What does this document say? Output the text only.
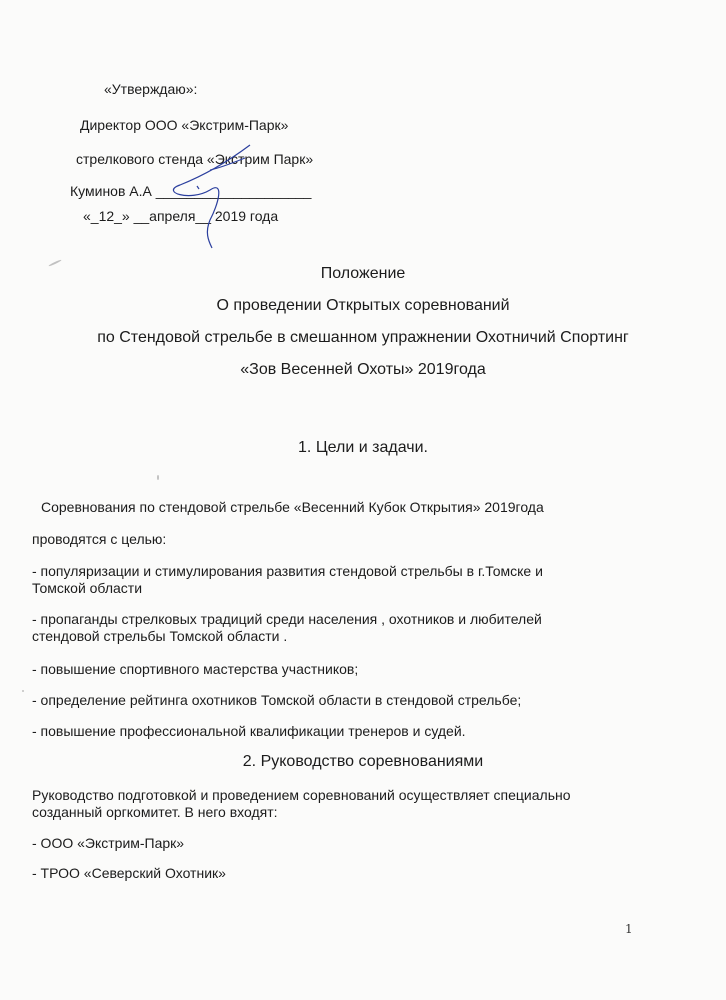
«Утверждаю»:
Директор ООО «Экстрим-Парк»
стрелкового стенда «Экстрим Парк»
Куминов А.А ____________________
«_12_» __апреля__ 2019 года
Положение
О проведении Открытых соревнований
по Стендовой стрельбе в смешанном упражнении Охотничий Спортинг
«Зов Весенней Охоты» 2019года
1. Цели и задачи.
Соревнования по стендовой стрельбе «Весенний Кубок Открытия» 2019года
проводятся с целью:
- популяризации и стимулирования развития стендовой стрельбы в г.Томске и
Томской области
- пропаганды стрелковых традиций среди населения , охотников и любителей
стендовой стрельбы Томской области .
- повышение спортивного мастерства участников;
- определение рейтинга охотников Томской области в стендовой стрельбе;
- повышение профессиональной квалификации тренеров и судей.
2. Руководство соревнованиями
Руководство подготовкой и проведением соревнований осуществляет специально
созданный оргкомитет. В него входят:
- ООО «Экстрим-Парк»
- ТРОО «Северский Охотник»
1
